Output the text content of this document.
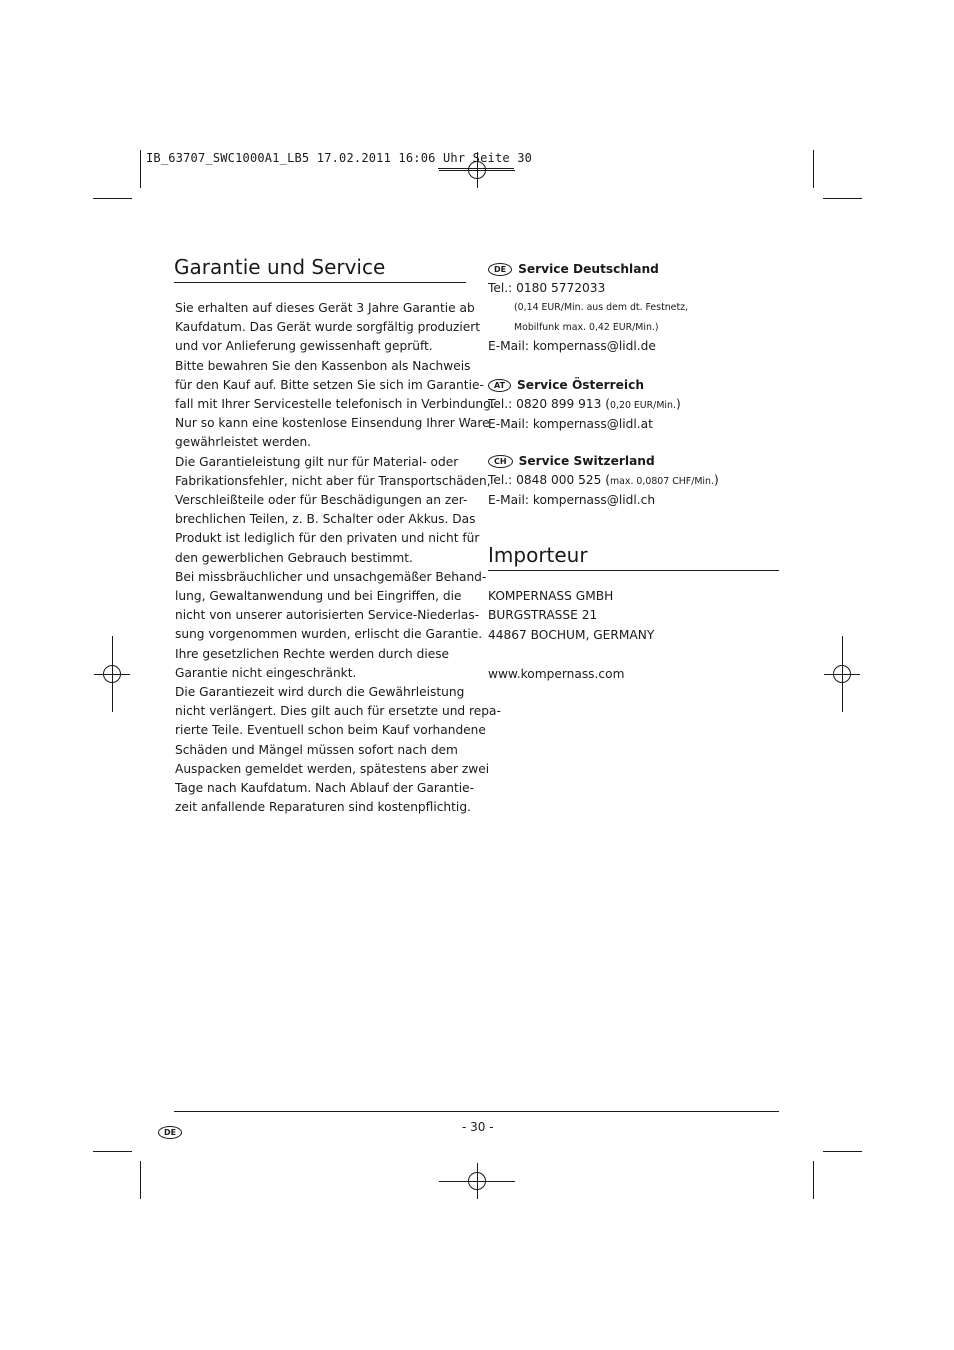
IB_63707_SWC1000A1_LB5 17.02.2011 16:06 Uhr Seite 30
Garantie und Service
Sie erhalten auf dieses Gerät 3 Jahre Garantie ab
Kaufdatum. Das Gerät wurde sorgfältig produziert
und vor Anlieferung gewissenhaft geprüft.
Bitte bewahren Sie den Kassenbon als Nachweis
für den Kauf auf. Bitte setzen Sie sich im Garantie-
fall mit Ihrer Servicestelle telefonisch in Verbindung.
Nur so kann eine kostenlose Einsendung Ihrer Ware
gewährleistet werden.
Die Garantieleistung gilt nur für Material- oder
Fabrikationsfehler, nicht aber für Transportschäden,
Verschleißteile oder für Beschädigungen an zer-
brechlichen Teilen, z. B. Schalter oder Akkus. Das
Produkt ist lediglich für den privaten und nicht für
den gewerblichen Gebrauch bestimmt.
Bei missbräuchlicher und unsachgemäßer Behand-
lung, Gewaltanwendung und bei Eingriffen, die
nicht von unserer autorisierten Service-Niederlas-
sung vorgenommen wurden, erlischt die Garantie.
Ihre gesetzlichen Rechte werden durch diese
Garantie nicht eingeschränkt.
Die Garantiezeit wird durch die Gewährleistung
nicht verlängert. Dies gilt auch für ersetzte und repa-
rierte Teile. Eventuell schon beim Kauf vorhandene
Schäden und Mängel müssen sofort nach dem
Auspacken gemeldet werden, spätestens aber zwei
Tage nach Kaufdatum. Nach Ablauf der Garantie-
zeit anfallende Reparaturen sind kostenpflichtig.
DE Service Deutschland
Tel.: 0180 5772033
(0,14 EUR/Min. aus dem dt. Festnetz,
Mobilfunk max. 0,42 EUR/Min.)
E-Mail: kompernass@lidl.de
AT Service Österreich
Tel.: 0820 899 913 (0,20 EUR/Min.)
E-Mail: kompernass@lidl.at
CH Service Switzerland
Tel.: 0848 000 525 (max. 0,0807 CHF/Min.)
E-Mail: kompernass@lidl.ch
Importeur
KOMPERNASS GMBH
BURGSTRASSE 21
44867 BOCHUM, GERMANY
www.kompernass.com
DE	- 30 -
